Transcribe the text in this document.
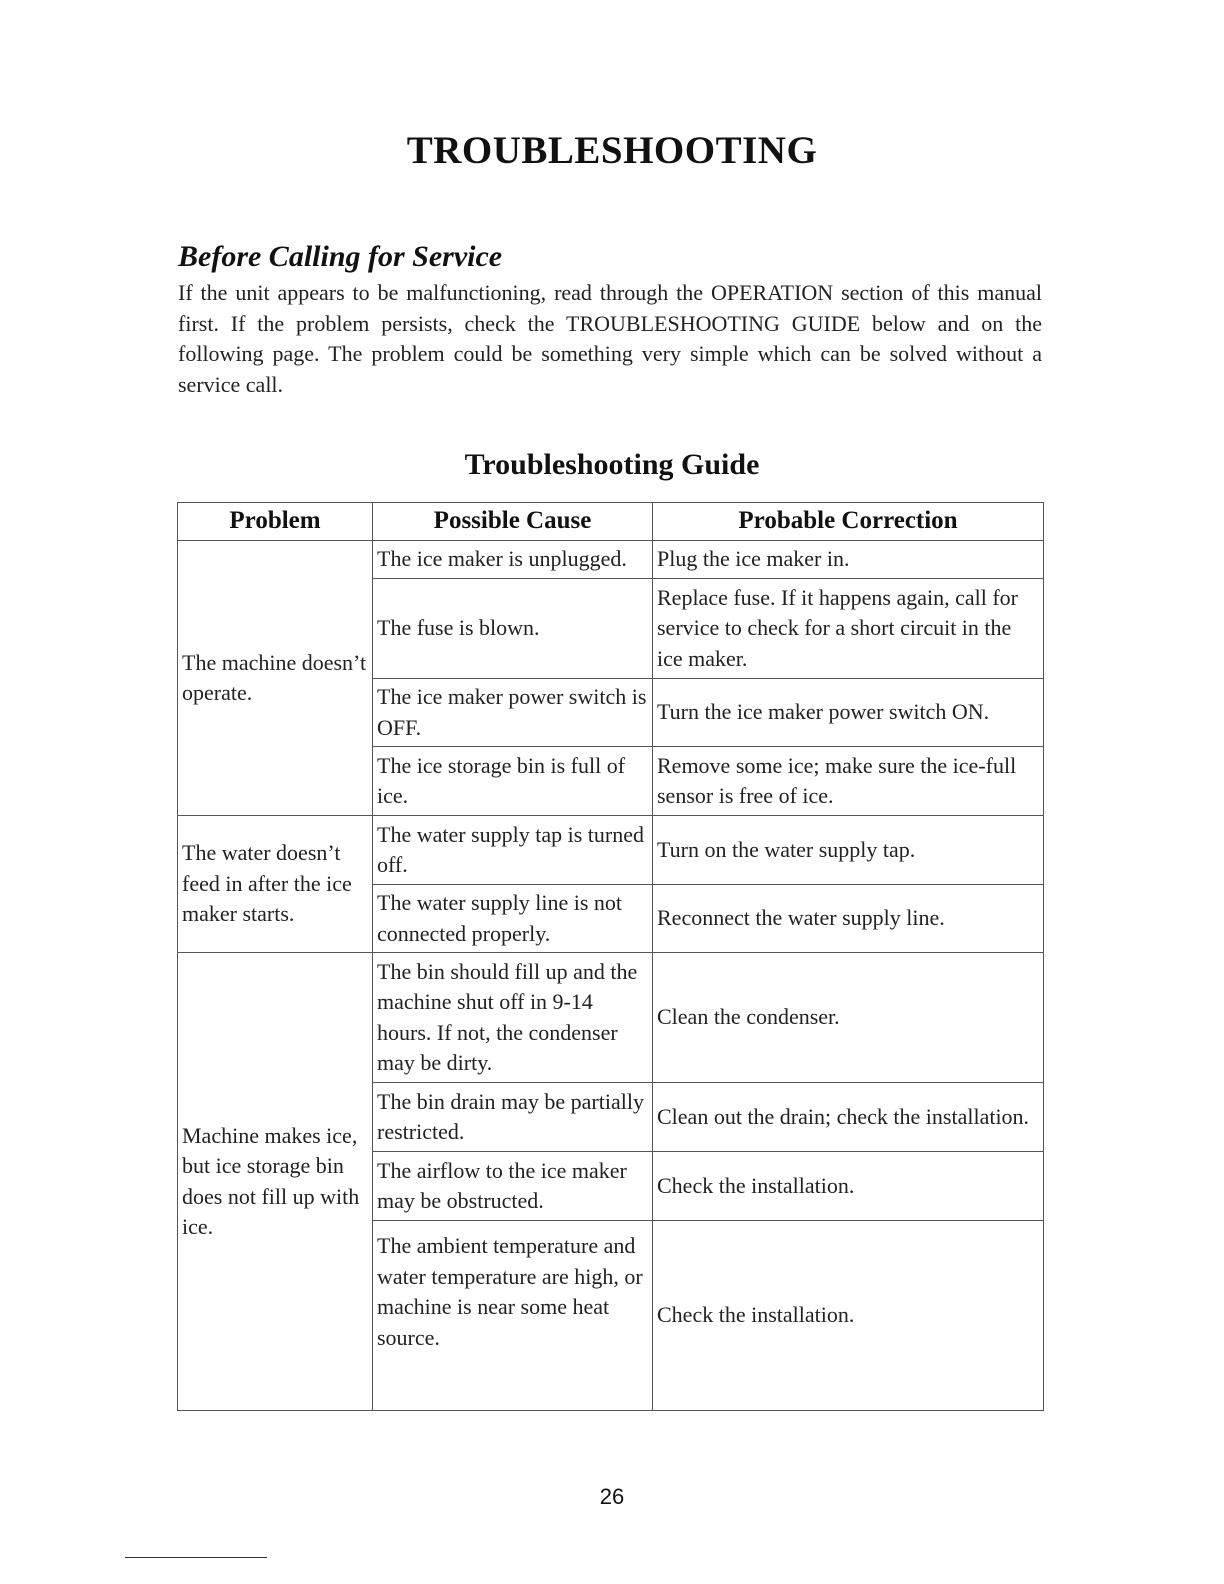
TROUBLESHOOTING
Before Calling for Service
If the unit appears to be malfunctioning, read through the OPERATION section of this manual first. If the problem persists, check the TROUBLESHOOTING GUIDE below and on the following page. The problem could be something very simple which can be solved without a service call.
Troubleshooting Guide
Problem	Possible Cause	Probable Correction
The machine doesn’t operate.	The ice maker is unplugged.	Plug the ice maker in.
	The fuse is blown.	Replace fuse. If it happens again, call for service to check for a short circuit in the ice maker.
	The ice maker power switch is OFF.	Turn the ice maker power switch ON.
	The ice storage bin is full of ice.	Remove some ice; make sure the ice-full sensor is free of ice.
The water doesn’t feed in after the ice maker starts.	The water supply tap is turned off.	Turn on the water supply tap.
	The water supply line is not connected properly.	Reconnect the water supply line.
Machine makes ice, but ice storage bin does not fill up with ice.	The bin should fill up and the machine shut off in 9-14 hours. If not, the condenser may be dirty.	Clean the condenser.
	The bin drain may be partially restricted.	Clean out the drain; check the installation.
	The airflow to the ice maker may be obstructed.	Check the installation.
	The ambient temperature and water temperature are high, or machine is near some heat source.	Check the installation.
26
